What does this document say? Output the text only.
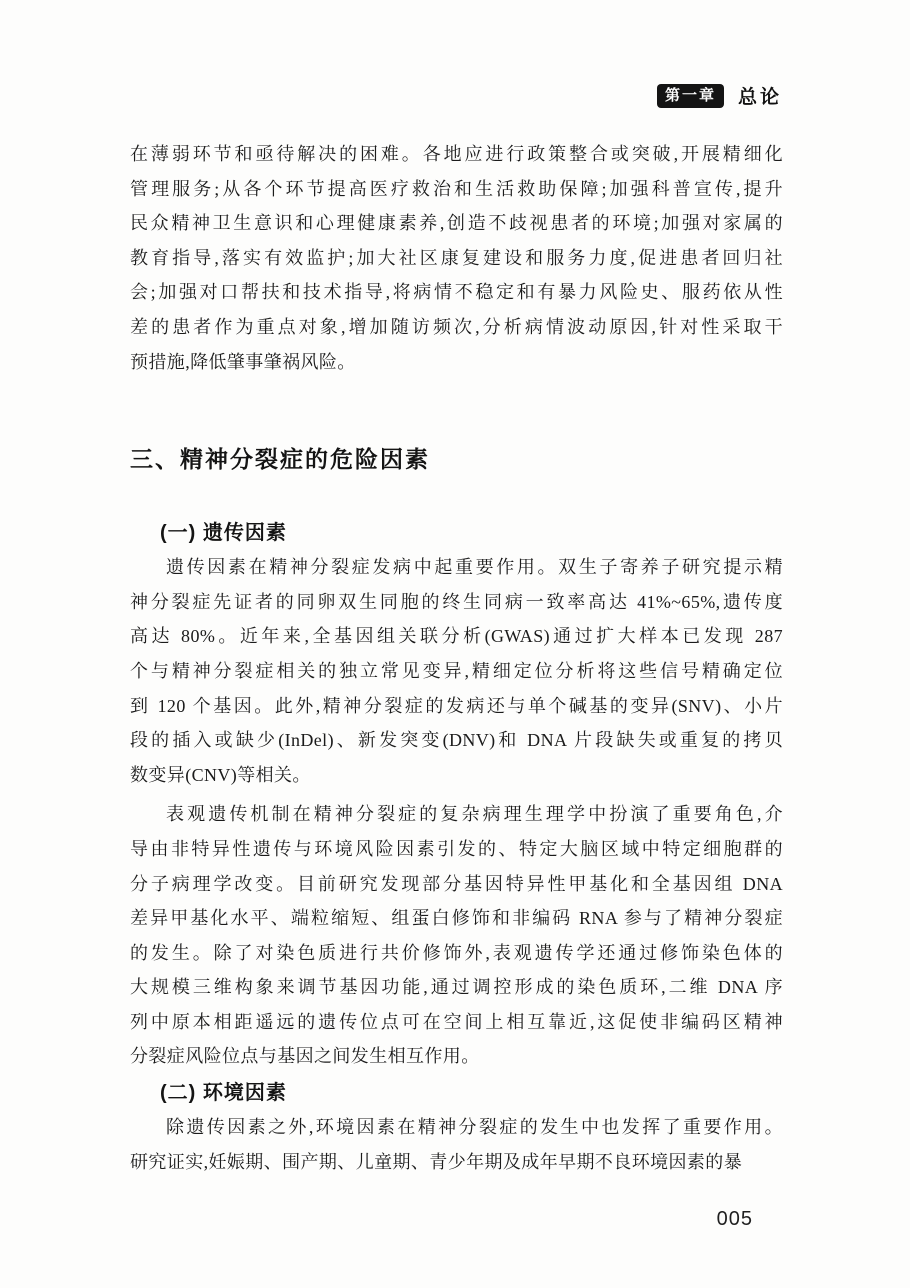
第一章	总论
在薄弱环节和亟待解决的困难。各地应进行政策整合或突破,开展精细化
管理服务;从各个环节提高医疗救治和生活救助保障;加强科普宣传,提升
民众精神卫生意识和心理健康素养,创造不歧视患者的环境;加强对家属的
教育指导,落实有效监护;加大社区康复建设和服务力度,促进患者回归社
会;加强对口帮扶和技术指导,将病情不稳定和有暴力风险史、服药依从性
差的患者作为重点对象,增加随访频次,分析病情波动原因,针对性采取干
预措施,降低肇事肇祸风险。
三、精神分裂症的危险因素
(一) 遗传因素
遗传因素在精神分裂症发病中起重要作用。双生子寄养子研究提示精
神分裂症先证者的同卵双生同胞的终生同病一致率高达 41%~65%,遗传度
高达 80%。近年来,全基因组关联分析(GWAS)通过扩大样本已发现 287
个与精神分裂症相关的独立常见变异,精细定位分析将这些信号精确定位
到 120 个基因。此外,精神分裂症的发病还与单个碱基的变异(SNV)、小片
段的插入或缺少(InDel)、新发突变(DNV)和 DNA 片段缺失或重复的拷贝
数变异(CNV)等相关。
表观遗传机制在精神分裂症的复杂病理生理学中扮演了重要角色,介
导由非特异性遗传与环境风险因素引发的、特定大脑区域中特定细胞群的
分子病理学改变。目前研究发现部分基因特异性甲基化和全基因组 DNA
差异甲基化水平、端粒缩短、组蛋白修饰和非编码 RNA 参与了精神分裂症
的发生。除了对染色质进行共价修饰外,表观遗传学还通过修饰染色体的
大规模三维构象来调节基因功能,通过调控形成的染色质环,二维 DNA 序
列中原本相距遥远的遗传位点可在空间上相互靠近,这促使非编码区精神
分裂症风险位点与基因之间发生相互作用。
(二) 环境因素
除遗传因素之外,环境因素在精神分裂症的发生中也发挥了重要作用。
研究证实,妊娠期、围产期、儿童期、青少年期及成年早期不良环境因素的暴
005
